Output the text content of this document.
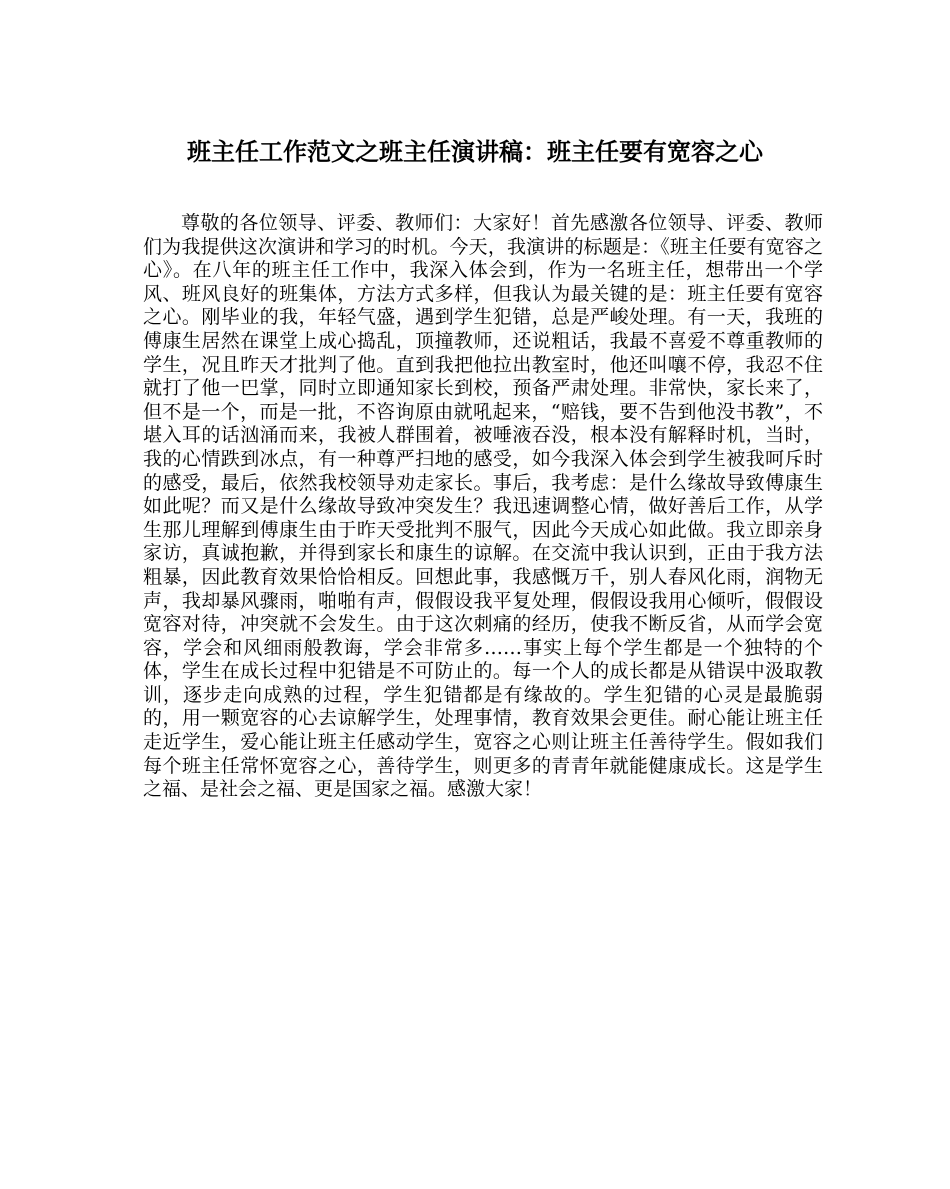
班主任工作范文之班主任演讲稿：班主任要有宽容之心

尊敬的各位领导、评委、教师们：大家好！首先感激各位领导、评委、教师们为我提供这次演讲和学习的时机。今天，我演讲的标题是：《班主任要有宽容之心》。在八年的班主任工作中，我深入体会到，作为一名班主任，想带出一个学风、班风良好的班集体，方法方式多样，但我认为最关键的是：班主任要有宽容之心。刚毕业的我，年轻气盛，遇到学生犯错，总是严峻处理。有一天，我班的傅康生居然在课堂上成心捣乱，顶撞教师，还说粗话，我最不喜爱不尊重教师的学生，况且昨天才批判了他。直到我把他拉出教室时，他还叫嚷不停，我忍不住就打了他一巴掌，同时立即通知家长到校，预备严肃处理。非常快，家长来了，但不是一个，而是一批，不咨询原由就吼起来，“赔钱，要不告到他没书教”，不堪入耳的话汹涌而来，我被人群围着，被唾液吞没，根本没有解释时机，当时，我的心情跌到冰点，有一种尊严扫地的感受，如今我深入体会到学生被我呵斥时的感受，最后，依然我校领导劝走家长。事后，我考虑：是什么缘故导致傅康生如此呢？而又是什么缘故导致冲突发生？我迅速调整心情，做好善后工作，从学生那儿理解到傅康生由于昨天受批判不服气，因此今天成心如此做。我立即亲身家访，真诚抱歉，并得到家长和康生的谅解。在交流中我认识到，正由于我方法粗暴，因此教育效果恰恰相反。回想此事，我感慨万千，别人春风化雨，润物无声，我却暴风骤雨，啪啪有声，假假设我平复处理，假假设我用心倾听，假假设宽容对待，冲突就不会发生。由于这次刺痛的经历，使我不断反省，从而学会宽容，学会和风细雨般教诲，学会非常多……事实上每个学生都是一个独特的个体，学生在成长过程中犯错是不可防止的。每一个人的成长都是从错误中汲取教训，逐步走向成熟的过程，学生犯错都是有缘故的。学生犯错的心灵是最脆弱的，用一颗宽容的心去谅解学生，处理事情，教育效果会更佳。耐心能让班主任走近学生，爱心能让班主任感动学生，宽容之心则让班主任善待学生。假如我们每个班主任常怀宽容之心，善待学生，则更多的青青年就能健康成长。这是学生之福、是社会之福、更是国家之福。感激大家！
